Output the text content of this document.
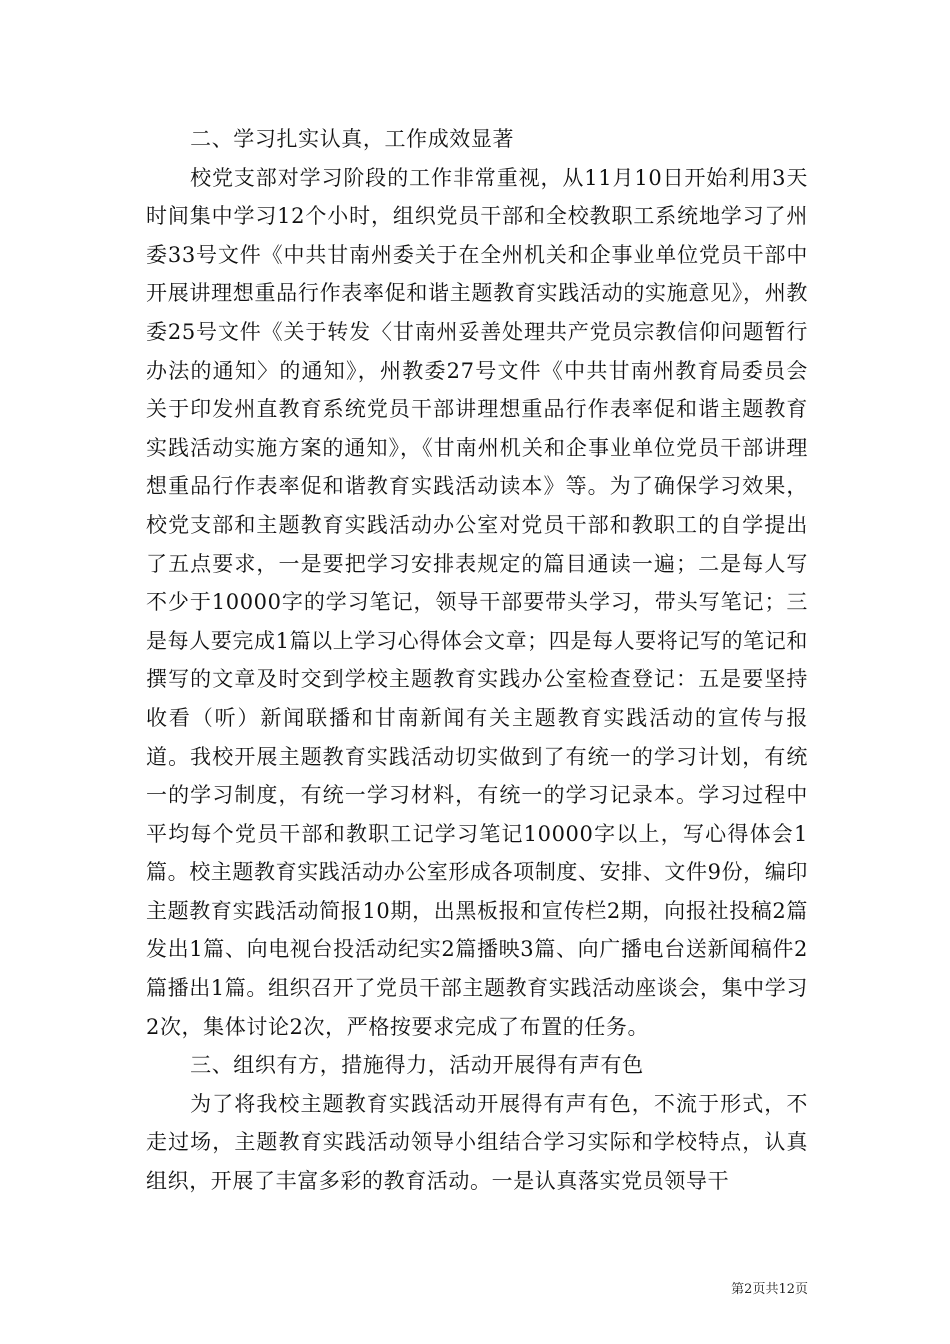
二、学习扎实认真，工作成效显著

校党支部对学习阶段的工作非常重视，从11月10日开始利用3天时间集中学习12个小时，组织党员干部和全校教职工系统地学习了州委33号文件《中共甘南州委关于在全州机关和企事业单位党员干部中开展讲理想重品行作表率促和谐主题教育实践活动的实施意见》，州教委25号文件《关于转发〈甘南州妥善处理共产党员宗教信仰问题暂行办法的通知〉的通知》，州教委27号文件《中共甘南州教育局委员会关于印发州直教育系统党员干部讲理想重品行作表率促和谐主题教育实践活动实施方案的通知》，《甘南州机关和企事业单位党员干部讲理想重品行作表率促和谐教育实践活动读本》等。为了确保学习效果，校党支部和主题教育实践活动办公室对党员干部和教职工的自学提出了五点要求，一是要把学习安排表规定的篇目通读一遍；二是每人写不少于10000字的学习笔记，领导干部要带头学习，带头写笔记；三是每人要完成1篇以上学习心得体会文章；四是每人要将记写的笔记和撰写的文章及时交到学校主题教育实践办公室检查登记：五是要坚持收看（听）新闻联播和甘南新闻有关主题教育实践活动的宣传与报道。我校开展主题教育实践活动切实做到了有统一的学习计划，有统一的学习制度，有统一学习材料，有统一的学习记录本。学习过程中平均每个党员干部和教职工记学习笔记10000字以上，写心得体会1篇。校主题教育实践活动办公室形成各项制度、安排、文件9份，编印主题教育实践活动简报10期，出黑板报和宣传栏2期，向报社投稿2篇发出1篇、向电视台投活动纪实2篇播映3篇、向广播电台送新闻稿件2篇播出1篇。组织召开了党员干部主题教育实践活动座谈会，集中学习2次，集体讨论2次，严格按要求完成了布置的任务。

三、组织有方，措施得力，活动开展得有声有色

为了将我校主题教育实践活动开展得有声有色，不流于形式，不走过场，主题教育实践活动领导小组结合学习实际和学校特点，认真组织，开展了丰富多彩的教育活动。一是认真落实党员领导干

第2页共12页
